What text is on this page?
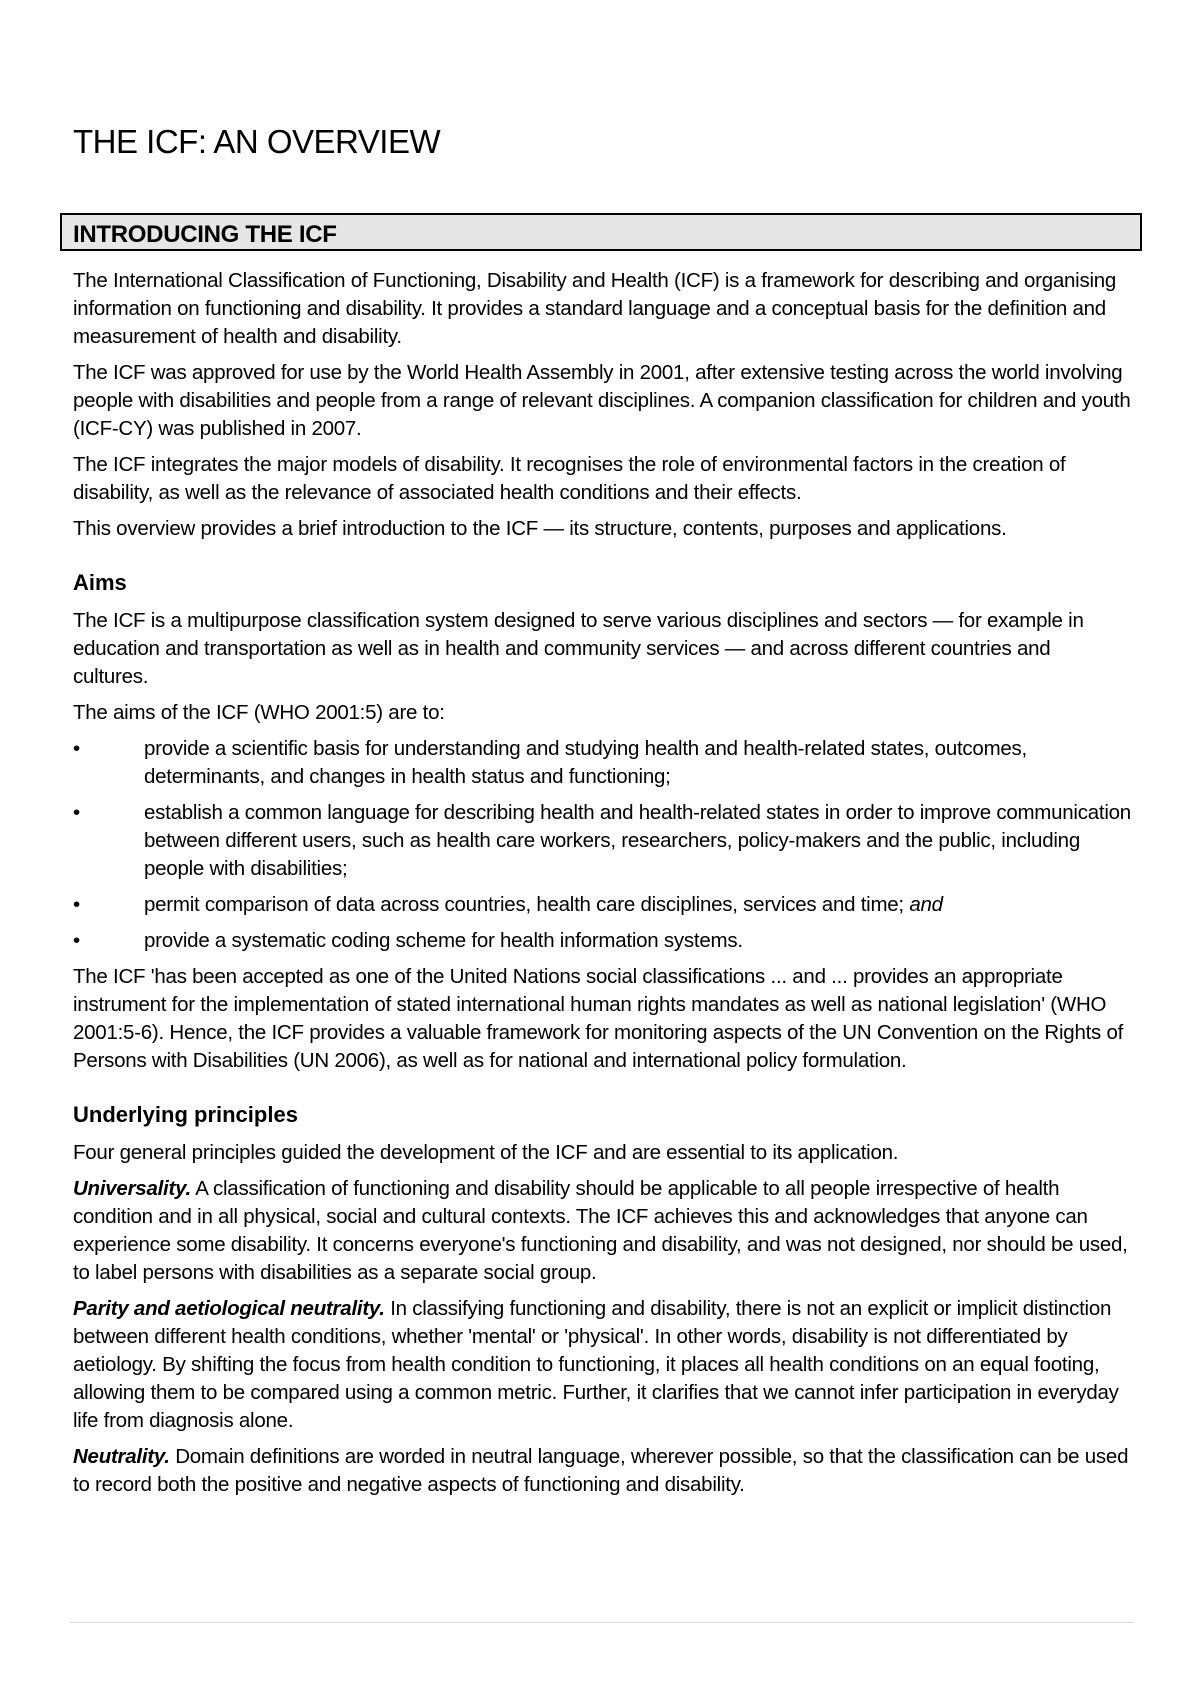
THE ICF: AN OVERVIEW
INTRODUCING THE ICF

The International Classification of Functioning, Disability and Health (ICF) is a framework for describing and organising information on functioning and disability. It provides a standard language and a conceptual basis for the definition and measurement of health and disability.

The ICF was approved for use by the World Health Assembly in 2001, after extensive testing across the world involving people with disabilities and people from a range of relevant disciplines. A companion classification for children and youth (ICF-CY) was published in 2007.

The ICF integrates the major models of disability. It recognises the role of environmental factors in the creation of disability, as well as the relevance of associated health conditions and their effects.

This overview provides a brief introduction to the ICF — its structure, contents, purposes and applications.

Aims

The ICF is a multipurpose classification system designed to serve various disciplines and sectors — for example in education and transportation as well as in health and community services — and across different countries and cultures.

The aims of the ICF (WHO 2001:5) are to:

•	provide a scientific basis for understanding and studying health and health-related states, outcomes, determinants, and changes in health status and functioning;
•	establish a common language for describing health and health-related states in order to improve communication between different users, such as health care workers, researchers, policy-makers and the public, including people with disabilities;
•	permit comparison of data across countries, health care disciplines, services and time; and
•	provide a systematic coding scheme for health information systems.

The ICF 'has been accepted as one of the United Nations social classifications ... and ... provides an appropriate instrument for the implementation of stated international human rights mandates as well as national legislation' (WHO 2001:5-6). Hence, the ICF provides a valuable framework for monitoring aspects of the UN Convention on the Rights of Persons with Disabilities (UN 2006), as well as for national and international policy formulation.

Underlying principles

Four general principles guided the development of the ICF and are essential to its application.

Universality. A classification of functioning and disability should be applicable to all people irrespective of health condition and in all physical, social and cultural contexts. The ICF achieves this and acknowledges that anyone can experience some disability. It concerns everyone's functioning and disability, and was not designed, nor should be used, to label persons with disabilities as a separate social group.

Parity and aetiological neutrality. In classifying functioning and disability, there is not an explicit or implicit distinction between different health conditions, whether 'mental' or 'physical'. In other words, disability is not differentiated by aetiology. By shifting the focus from health condition to functioning, it places all health conditions on an equal footing, allowing them to be compared using a common metric. Further, it clarifies that we cannot infer participation in everyday life from diagnosis alone.

Neutrality. Domain definitions are worded in neutral language, wherever possible, so that the classification can be used to record both the positive and negative aspects of functioning and disability.
